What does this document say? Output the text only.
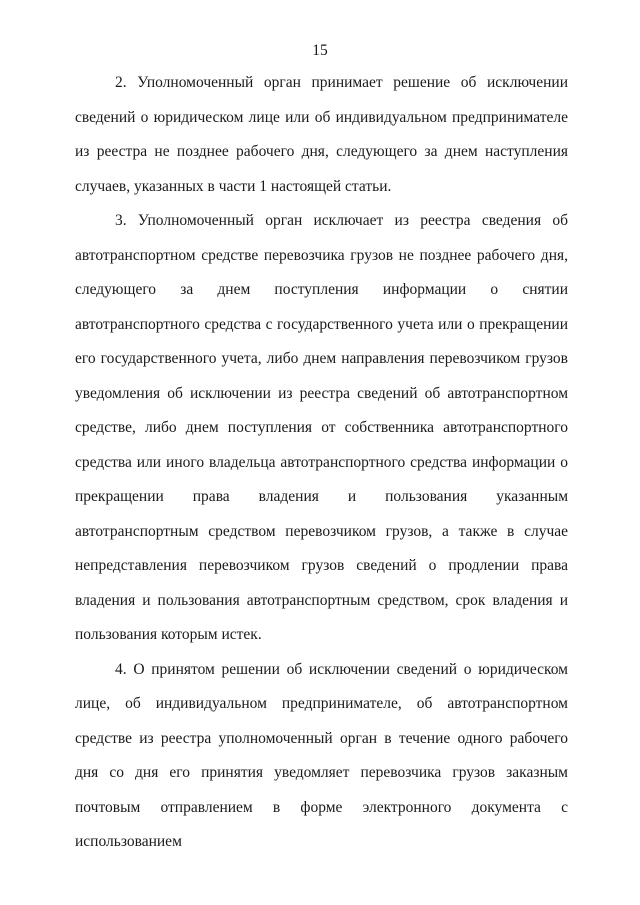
15

2. Уполномоченный орган принимает решение об исключении сведений о юридическом лице или об индивидуальном предпринимателе из реестра не позднее рабочего дня, следующего за днем наступления случаев, указанных в части 1 настоящей статьи.

3. Уполномоченный орган исключает из реестра сведения об автотранспортном средстве перевозчика грузов не позднее рабочего дня, следующего за днем поступления информации о снятии автотранспортного средства с государственного учета или о прекращении его государственного учета, либо днем направления перевозчиком грузов уведомления об исключении из реестра сведений об автотранспортном средстве, либо днем поступления от собственника автотранспортного средства или иного владельца автотранспортного средства информации о прекращении права владения и пользования указанным автотранспортным средством перевозчиком грузов, а также в случае непредставления перевозчиком грузов сведений о продлении права владения и пользования автотранспортным средством, срок владения и пользования которым истек.

4. О принятом решении об исключении сведений о юридическом лице, об индивидуальном предпринимателе, об автотранспортном средстве из реестра уполномоченный орган в течение одного рабочего дня со дня его принятия уведомляет перевозчика грузов заказным почтовым отправлением в форме электронного документа с использованием
